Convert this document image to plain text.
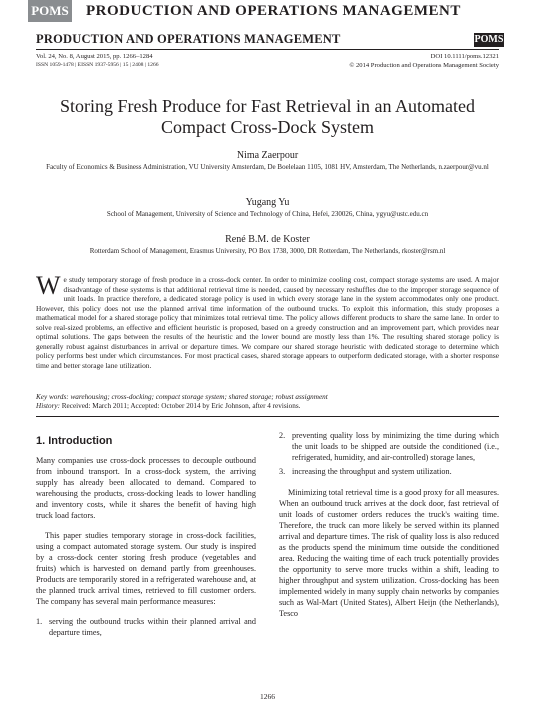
POMS PRODUCTION AND OPERATIONS MANAGEMENT
PRODUCTION AND OPERATIONS MANAGEMENT	POMS
Vol. 24, No. 8, August 2015, pp. 1266–1284
ISSN 1059-1478 | EISSN 1937-5956 | 15 | 2408 | 1266
DOI 10.1111/poms.12321
© 2014 Production and Operations Management Society
Storing Fresh Produce for Fast Retrieval in an Automated Compact Cross-Dock System
Nima Zaerpour
Faculty of Economics & Business Administration, VU University Amsterdam, De Boelelaan 1105, 1081 HV, Amsterdam, The Netherlands, n.zaerpour@vu.nl
Yugang Yu
School of Management, University of Science and Technology of China, Hefei, 230026, China, ygyu@ustc.edu.cn
René B.M. de Koster
Rotterdam School of Management, Erasmus University, PO Box 1738, 3000, DR Rotterdam, The Netherlands, rkoster@rsm.nl
We study temporary storage of fresh produce in a cross-dock center. In order to minimize cooling cost, compact storage systems are used. A major disadvantage of these systems is that additional retrieval time is needed, caused by necessary reshuffles due to the improper storage sequence of unit loads. In practice therefore, a dedicated storage policy is used in which every storage lane in the system accommodates only one product. However, this policy does not use the planned arrival time information of the outbound trucks. To exploit this information, this study proposes a mathematical model for a shared storage policy that minimizes total retrieval time. The policy allows different products to share the same lane. In order to solve real-sized problems, an effective and efficient heuristic is proposed, based on a greedy construction and an improvement part, which provides near optimal solutions. The gaps between the results of the heuristic and the lower bound are mostly less than 1%. The resulting shared storage policy is generally robust against disturbances in arrival or departure times. We compare our shared storage heuristic with dedicated storage to determine which policy performs best under which circumstances. For most practical cases, shared storage appears to outperform dedicated storage, with a shorter response time and better storage lane utilization.
Key words: warehousing; cross-docking; compact storage system; shared storage; robust assignment
History: Received: March 2011; Accepted: October 2014 by Eric Johnson, after 4 revisions.
1. Introduction

Many companies use cross-dock processes to decouple outbound from inbound transport. In a cross-dock system, the arriving supply has already been allocated to demand. Compared to warehousing the products, cross-docking leads to lower handling and inventory costs, while it shares the benefit of having high truck load factors.

This paper studies temporary storage in cross-dock facilities, using a compact automated storage system. Our study is inspired by a cross-dock center storing fresh produce (vegetables and fruits) which is harvested on demand partly from greenhouses. Products are temporarily stored in a refrigerated warehouse and, at the planned truck arrival times, retrieved to fill customer orders. The company has several main performance measures:

1. serving the outbound trucks within their planned arrival and departure times,
2. preventing quality loss by minimizing the time during which the unit loads to be shipped are outside the conditioned (i.e., refrigerated, humidity, and air-controlled) storage lanes,
3. increasing the throughput and system utilization.

Minimizing total retrieval time is a good proxy for all measures. When an outbound truck arrives at the dock door, fast retrieval of unit loads of customer orders reduces the truck's waiting time. Therefore, the truck can more likely be served within its planned arrival and departure times. The risk of quality loss is also reduced as the products spend the minimum time outside the conditioned area. Reducing the waiting time of each truck potentially provides the opportunity to serve more trucks within a shift, leading to higher throughput and system utilization. Cross-docking has been implemented widely in many supply chain networks by companies such as Wal-Mart (United States), Albert Heijn (the Netherlands), Tesco

1266
